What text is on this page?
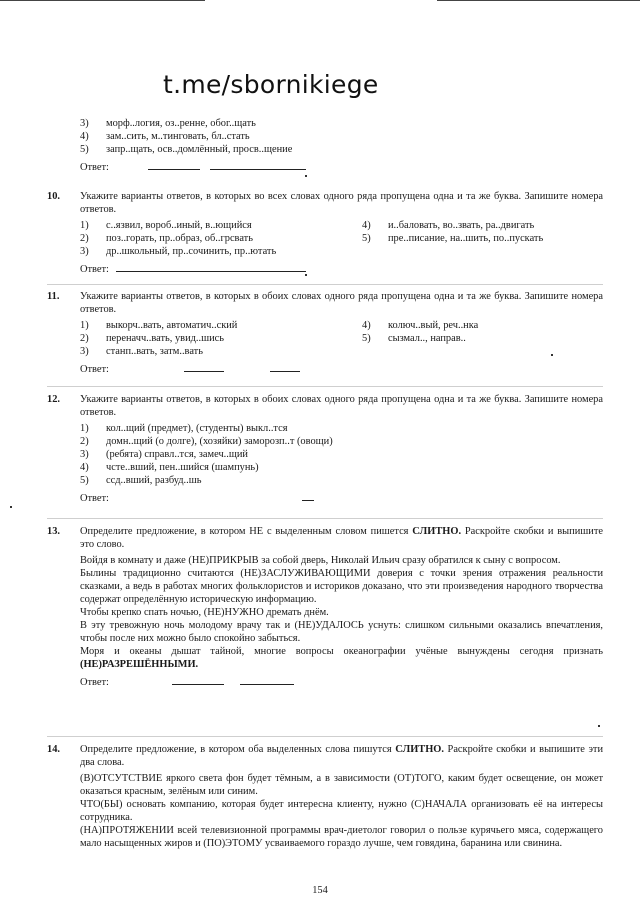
t.me/sbornikiege
3)	морф..логия, оз..ренне, обог..щать
4)	зам..сить, м..тинговать, бл..стать
5)	запр..щать, осв..домлённый, просв..щение
Ответ:
10. Укажите варианты ответов, в которых во всех словах одного ряда пропущена одна и та же буква. Запишите номера ответов.
1)	с..язвил, вороб..иный, в..ющийся
2)	поз..горать, пр..образ, об..грсвать
3)	др..школьный, пр..сочинить, пр..ютать
4)	и..баловать, во..звать, ра..двигать
5)	пре..писание, на..шить, по..пускать
Ответ:
11. Укажите варианты ответов, в которых в обоих словах одного ряда пропущена одна и та же буква. Запишите номера ответов.
1)	выкорч..вать, автоматич..ский
2)	переначч..вать, увид..шись
3)	станп..вать, затм..вать
4)	колюч..вый, реч..нка
5)	сызмал.., направ..
Ответ:
12. Укажите варианты ответов, в которых в обоих словах одного ряда пропущена одна и та же буква. Запишите номера ответов.
1)	кол..щий (предмет), (студенты) выкл..тся
2)	домн..щий (о долге), (хозяйки) заморозп..т (овощи)
3)	(ребята) справл..тся, замеч..щий
4)	чсте..вший, пен..шийся (шампунь)
5)	ссд..вший, разбуд..шь
Ответ:
13. Определите предложение, в котором НЕ с выделенным словом пишется СЛИТНО. Раскройте скобки и выпишите это слово.

Войдя в комнату и даже (НЕ)ПРИКРЫВ за собой дверь, Николай Ильич сразу обратился к сыну с вопросом.

Былины традиционно считаются (НЕ)ЗАСЛУЖИВАЮЩИМИ доверия с точки зрения отражения реальности сказками, а ведь в работах многих фольклористов и историков доказано, что эти произведения народного творчества содержат определённую историческую информацию.

Чтобы крепко спать ночью, (НЕ)НУЖНО дремать днём.

В эту тревожную ночь молодому врачу так и (НЕ)УДАЛОСЬ уснуть: слишком сильными оказались впечатления, чтобы после них можно было спокойно забыться.

Моря и океаны дышат тайной, многие вопросы океанографии учёные вынуждены сегодня признать (НЕ)РАЗРЕШЁННЫМИ.

Ответ:
14. Определите предложение, в котором оба выделенных слова пишутся СЛИТНО. Раскройте скобки и выпишите эти два слова.

(В)ОТСУТСТВИЕ яркого света фон будет тёмным, а в зависимости (ОТ)ТОГО, каким будет освещение, он может оказаться красным, зелёным или синим.

ЧТО(БЫ) основать компанию, которая будет интересна клиенту, нужно (С)НАЧАЛА организовать её на интересы сотрудника.

(НА)ПРОТЯЖЕНИИ всей телевизионной программы врач-диетолог говорил о пользе курячьего мяса, содержащего мало насыщенных жиров и (ПО)ЭТОМУ усваиваемого гораздо лучше, чем говядина, баранина или свинина.

154
